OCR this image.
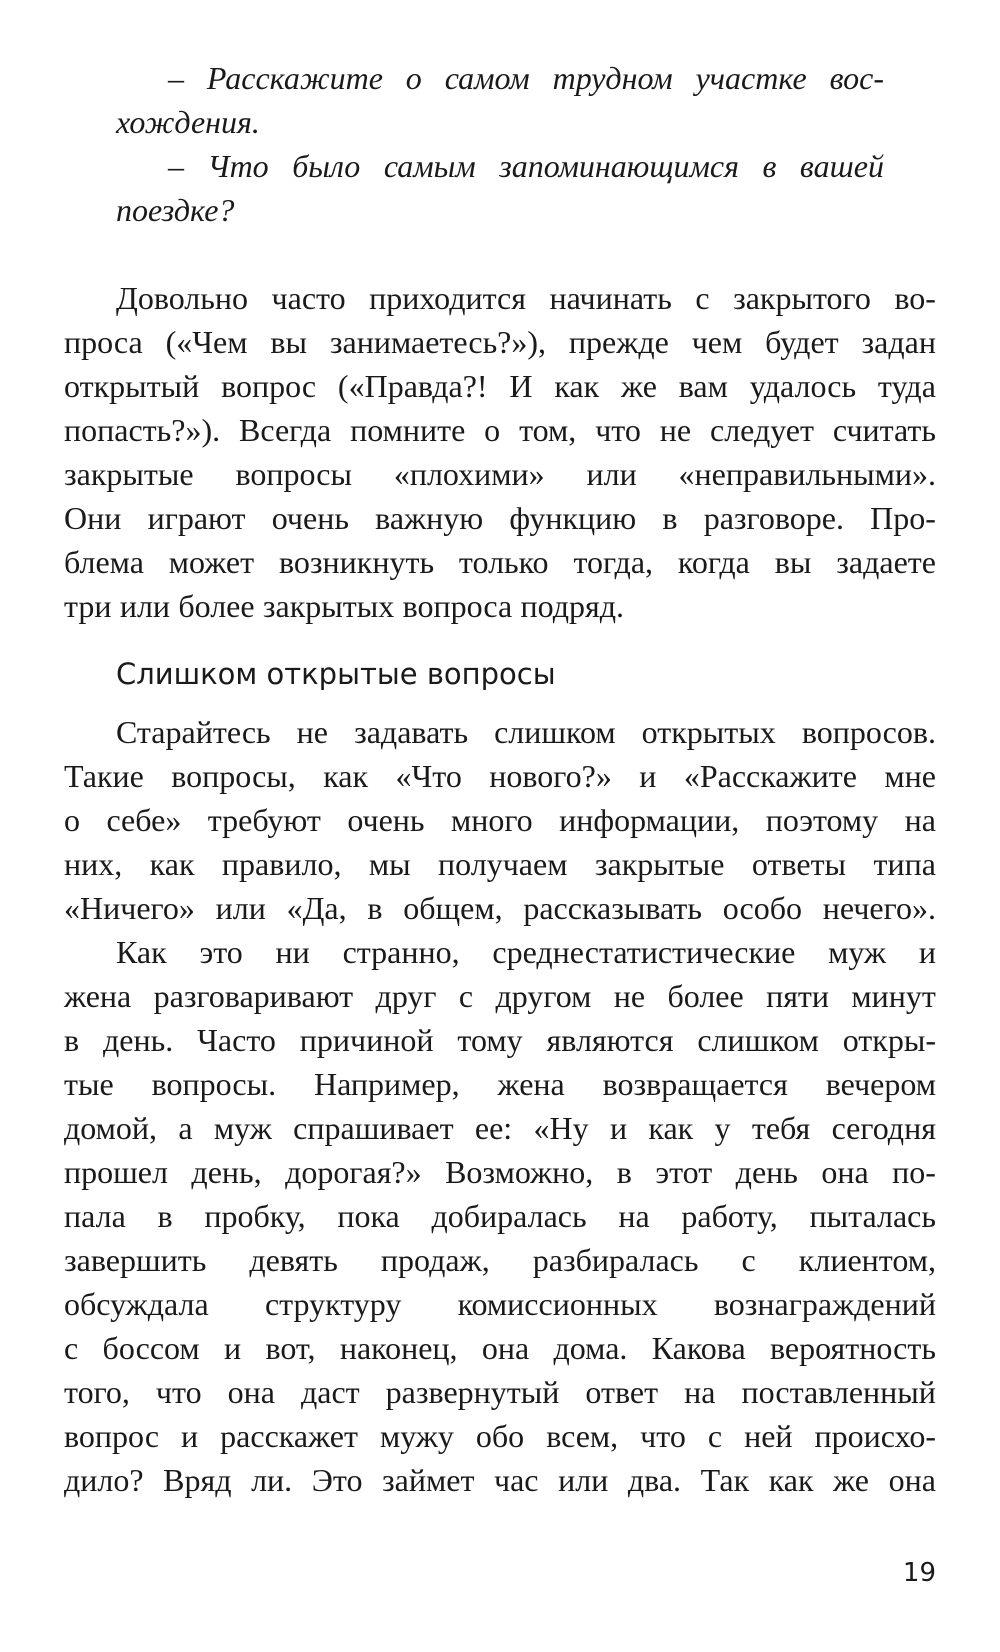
– Расскажите о самом трудном участке вос-
хождения.
– Что было самым запоминающимся в вашей
поездке?
Довольно часто приходится начинать с закрытого во-
проса («Чем вы занимаетесь?»), прежде чем будет задан
открытый вопрос («Правда?! И как же вам удалось туда
попасть?»). Всегда помните о том, что не следует считать
закрытые вопросы «плохими» или «неправильными».
Они играют очень важную функцию в разговоре. Про-
блема может возникнуть только тогда, когда вы задаете
три или более закрытых вопроса подряд.
Слишком открытые вопросы
Старайтесь не задавать слишком открытых вопросов.
Такие вопросы, как «Что нового?» и «Расскажите мне
о себе» требуют очень много информации, поэтому на
них, как правило, мы получаем закрытые ответы типа
«Ничего» или «Да, в общем, рассказывать особо нечего».
Как это ни странно, среднестатистические муж и
жена разговаривают друг с другом не более пяти минут
в день. Часто причиной тому являются слишком откры-
тые вопросы. Например, жена возвращается вечером
домой, а муж спрашивает ее: «Ну и как у тебя сегодня
прошел день, дорогая?» Возможно, в этот день она по-
пала в пробку, пока добиралась на работу, пыталась
завершить девять продаж, разбиралась с клиентом,
обсуждала структуру комиссионных вознаграждений
с боссом и вот, наконец, она дома. Какова вероятность
того, что она даст развернутый ответ на поставленный
вопрос и расскажет мужу обо всем, что с ней происхо-
дило? Вряд ли. Это займет час или два. Так как же она
19
